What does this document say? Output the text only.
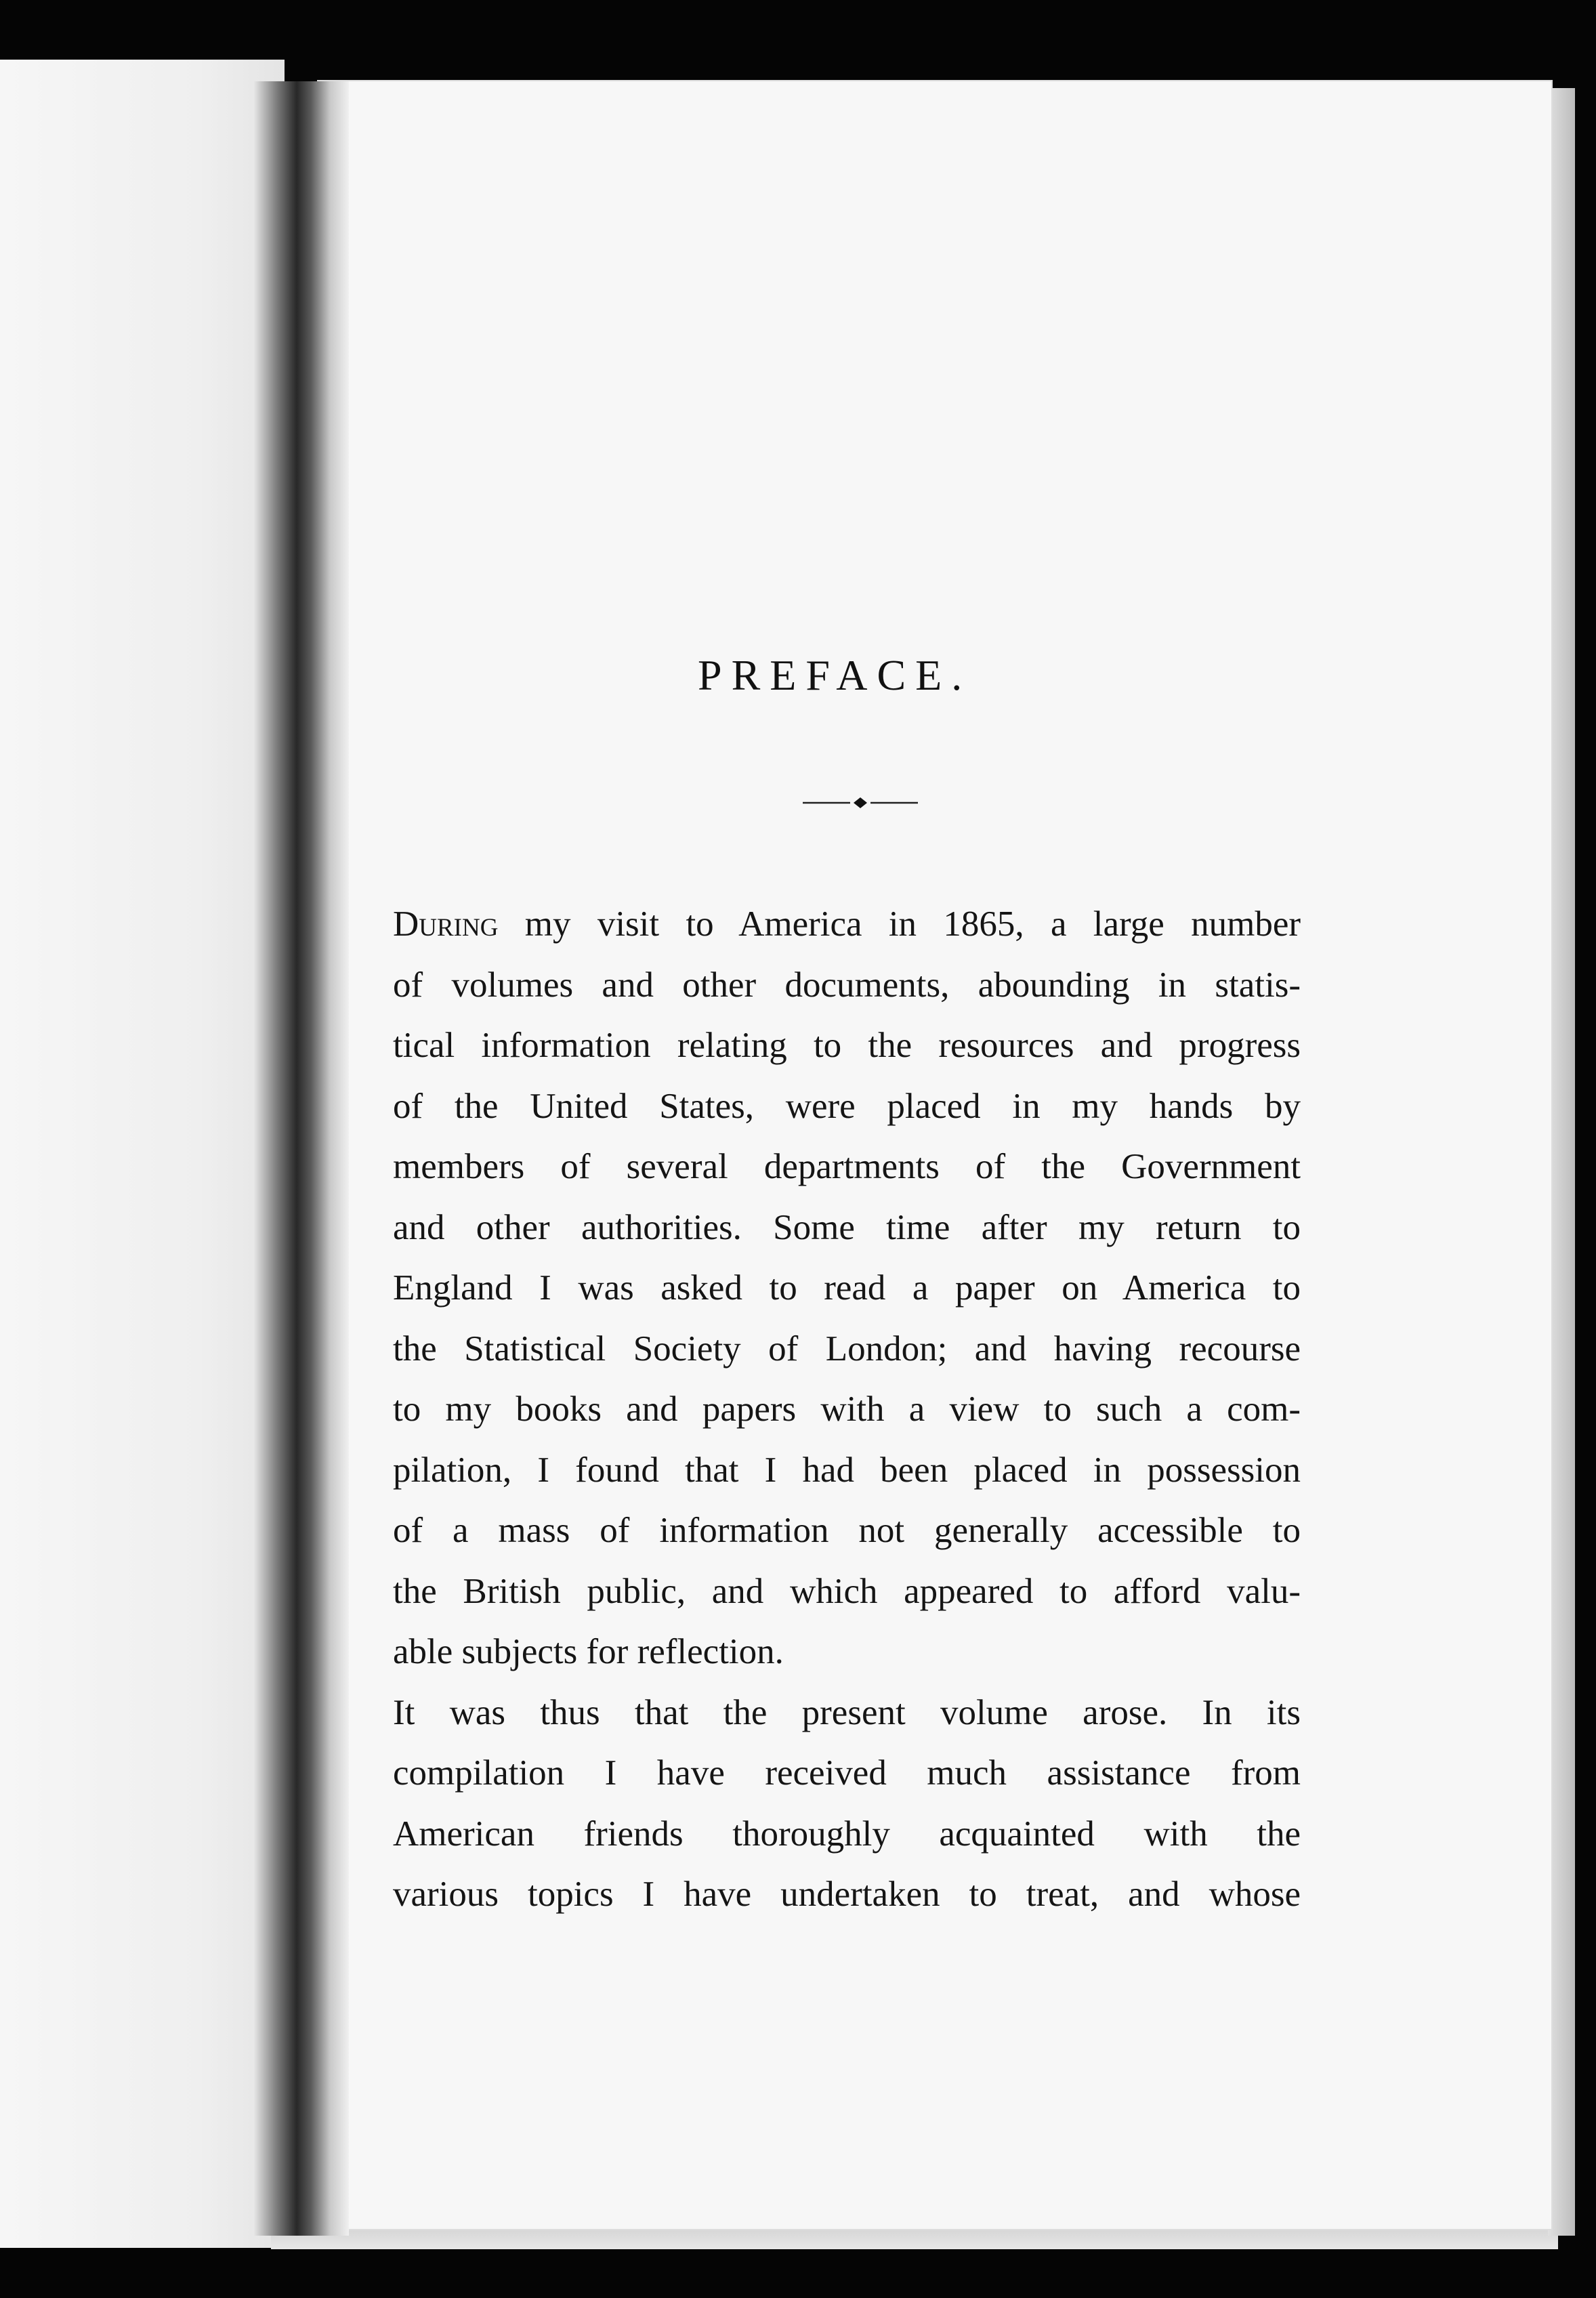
PREFACE.
During my visit to America in 1865, a large number
of volumes and other documents, abounding in statis-
tical information relating to the resources and progress
of the United States, were placed in my hands by
members of several departments of the Government
and other authorities. Some time after my return to
England I was asked to read a paper on America to
the Statistical Society of London; and having recourse
to my books and papers with a view to such a com-
pilation, I found that I had been placed in possession
of a mass of information not generally accessible to
the British public, and which appeared to afford valu-
able subjects for reflection.
It was thus that the present volume arose. In its
compilation I have received much assistance from
American friends thoroughly acquainted with the
various topics I have undertaken to treat, and whose
